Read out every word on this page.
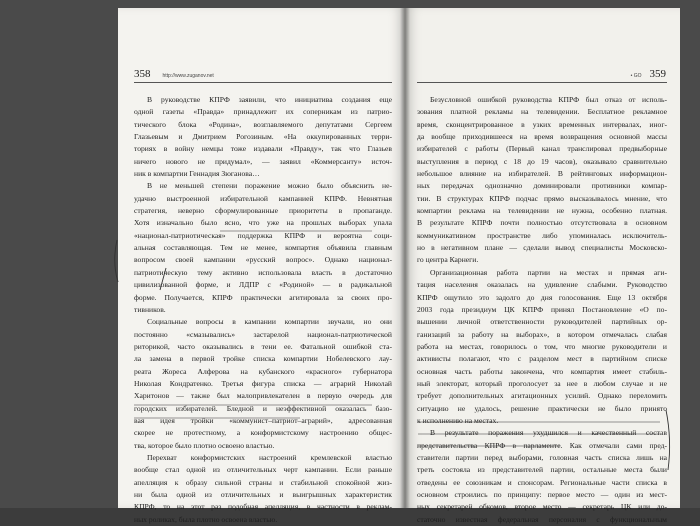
358 http://www.zuganov.net

В руководстве КПРФ заявили, что инициатива создания еще

одной газеты «Правда» принадлежит их соперникам из патрио-

тического блока «Родина», возглавляемого депутатами Сергеем

Глазьевым и Дмитрием Рогозиным. «На оккупированных терри-

ториях в войну немцы тоже издавали «Правду», так что Глазьев

ничего нового не придумал», — заявил «Коммерсанту» источ-

ник в компартии Геннадия Зюганова…

В не меньшей степени поражение можно было объяснить не-

удачно выстроенной избирательной кампанией КПРФ. Невнятная

стратегия, неверно сформулированные приоритеты в пропаганде.

Хотя изначально было ясно, что уже на прошлых выборах упала

«национал-патриотическая» поддержка КПРФ и вероятна соци-

альная составляющая. Тем не менее, компартия объявила главным

вопросом своей кампании «русский вопрос». Однако национал-

патриотическую тему активно использовала власть в достаточно

цивилизованной форме, и ЛДПР с «Родиной» — в радикальной

форме. Получается, КПРФ практически агитировала за своих про-

тивников.

Социальные вопросы в кампании компартии звучали, но они

постоянно «смазывались» застарелой национал-патриотической

риторикой, часто оказывались в тени ее. Фатальной ошибкой ста-

ла замена в первой тройке списка компартии Нобелевского лау-

реата Жореса Алферова на кубанского «красного» губернатора

Николая Кондратенко. Третья фигура списка — аграрий Николай

Харитонов — также был малопривлекателен в первую очередь для

городских избирателей. Бледной и неэффективной оказалась базо-

вая идея тройки «коммунист–патриот–аграрий», адресованная

скорее не протестному, а конформистскому настроению общес-

тва, которое было плотно освоено властью.

Перехват конформистских настроений кремлевской властью

вообще стал одной из отличительных черт кампании. Если раньше

апелляция к образу сильной страны и стабильной спокойной жиз-

ни была одной из отличительных и выигрышных характеристик

КПРФ, то на этот раз подобная апелляция, в частности в реклам-

ных роликах, была плотно освоена властью.

• GO 359

Безусловной ошибкой руководства КПРФ был отказ от исполь-

зования платной рекламы на телевидении. Бесплатное рекламное

время, сконцентрированное в узких временных интервалах, иног-

да вообще приходившееся на время возвращения основной массы

избирателей с работы (Первый канал транслировал предвыборные

выступления в период с 18 до 19 часов), оказывало сравнительно

небольшое влияние на избирателей. В рейтинговых информацион-

ных передачах однозначно доминировали противники компар-

тии. В структурах КПРФ подчас прямо высказывалось мнение, что

компартии реклама на телевидении не нужна, особенно платная.

В результате КПРФ почти полностью отсутствовала в основном

коммуникативном пространстве либо упоминалась исключитель-

но в негативном плане — сделали вывод специалисты Московско-

го центра Карнеги.

Организационная работа партии на местах и прямая аги-

тация населения оказалась на удивление слабыми. Руководство

КПРФ ощутило это задолго до дня голосования. Еще 13 октября

2003 года президиум ЦК КПРФ принял Постановление «О по-

вышении личной ответственности руководителей партийных ор-

ганизаций за работу на выборах», в котором отмечалась слабая

работа на местах, говорилось о том, что многие руководители и

активисты полагают, что с разделом мест в партийном списке

основная часть работы закончена, что компартия имеет стабиль-

ный электорат, который проголосует за нее в любом случае и не

требует дополнительных агитационных усилий. Однако переломить

ситуацию не удалось, решение практически не было принято

к исполнению на местах.

В результате поражения ухудшился и качественный состав

представительства КПРФ в парламенте. Как отмечали сами пред-

ставители партии перед выборами, головная часть списка лишь на

треть состояла из представителей партии, остальные места были

отведены ее союзникам и спонсорам. Региональные части списка в

основном строились по принципу: первое место — один из мест-

ных секретарей обкомов, второе место — секретарь ЦК или до-

статочно известная федеральная персоналия с функциональным
